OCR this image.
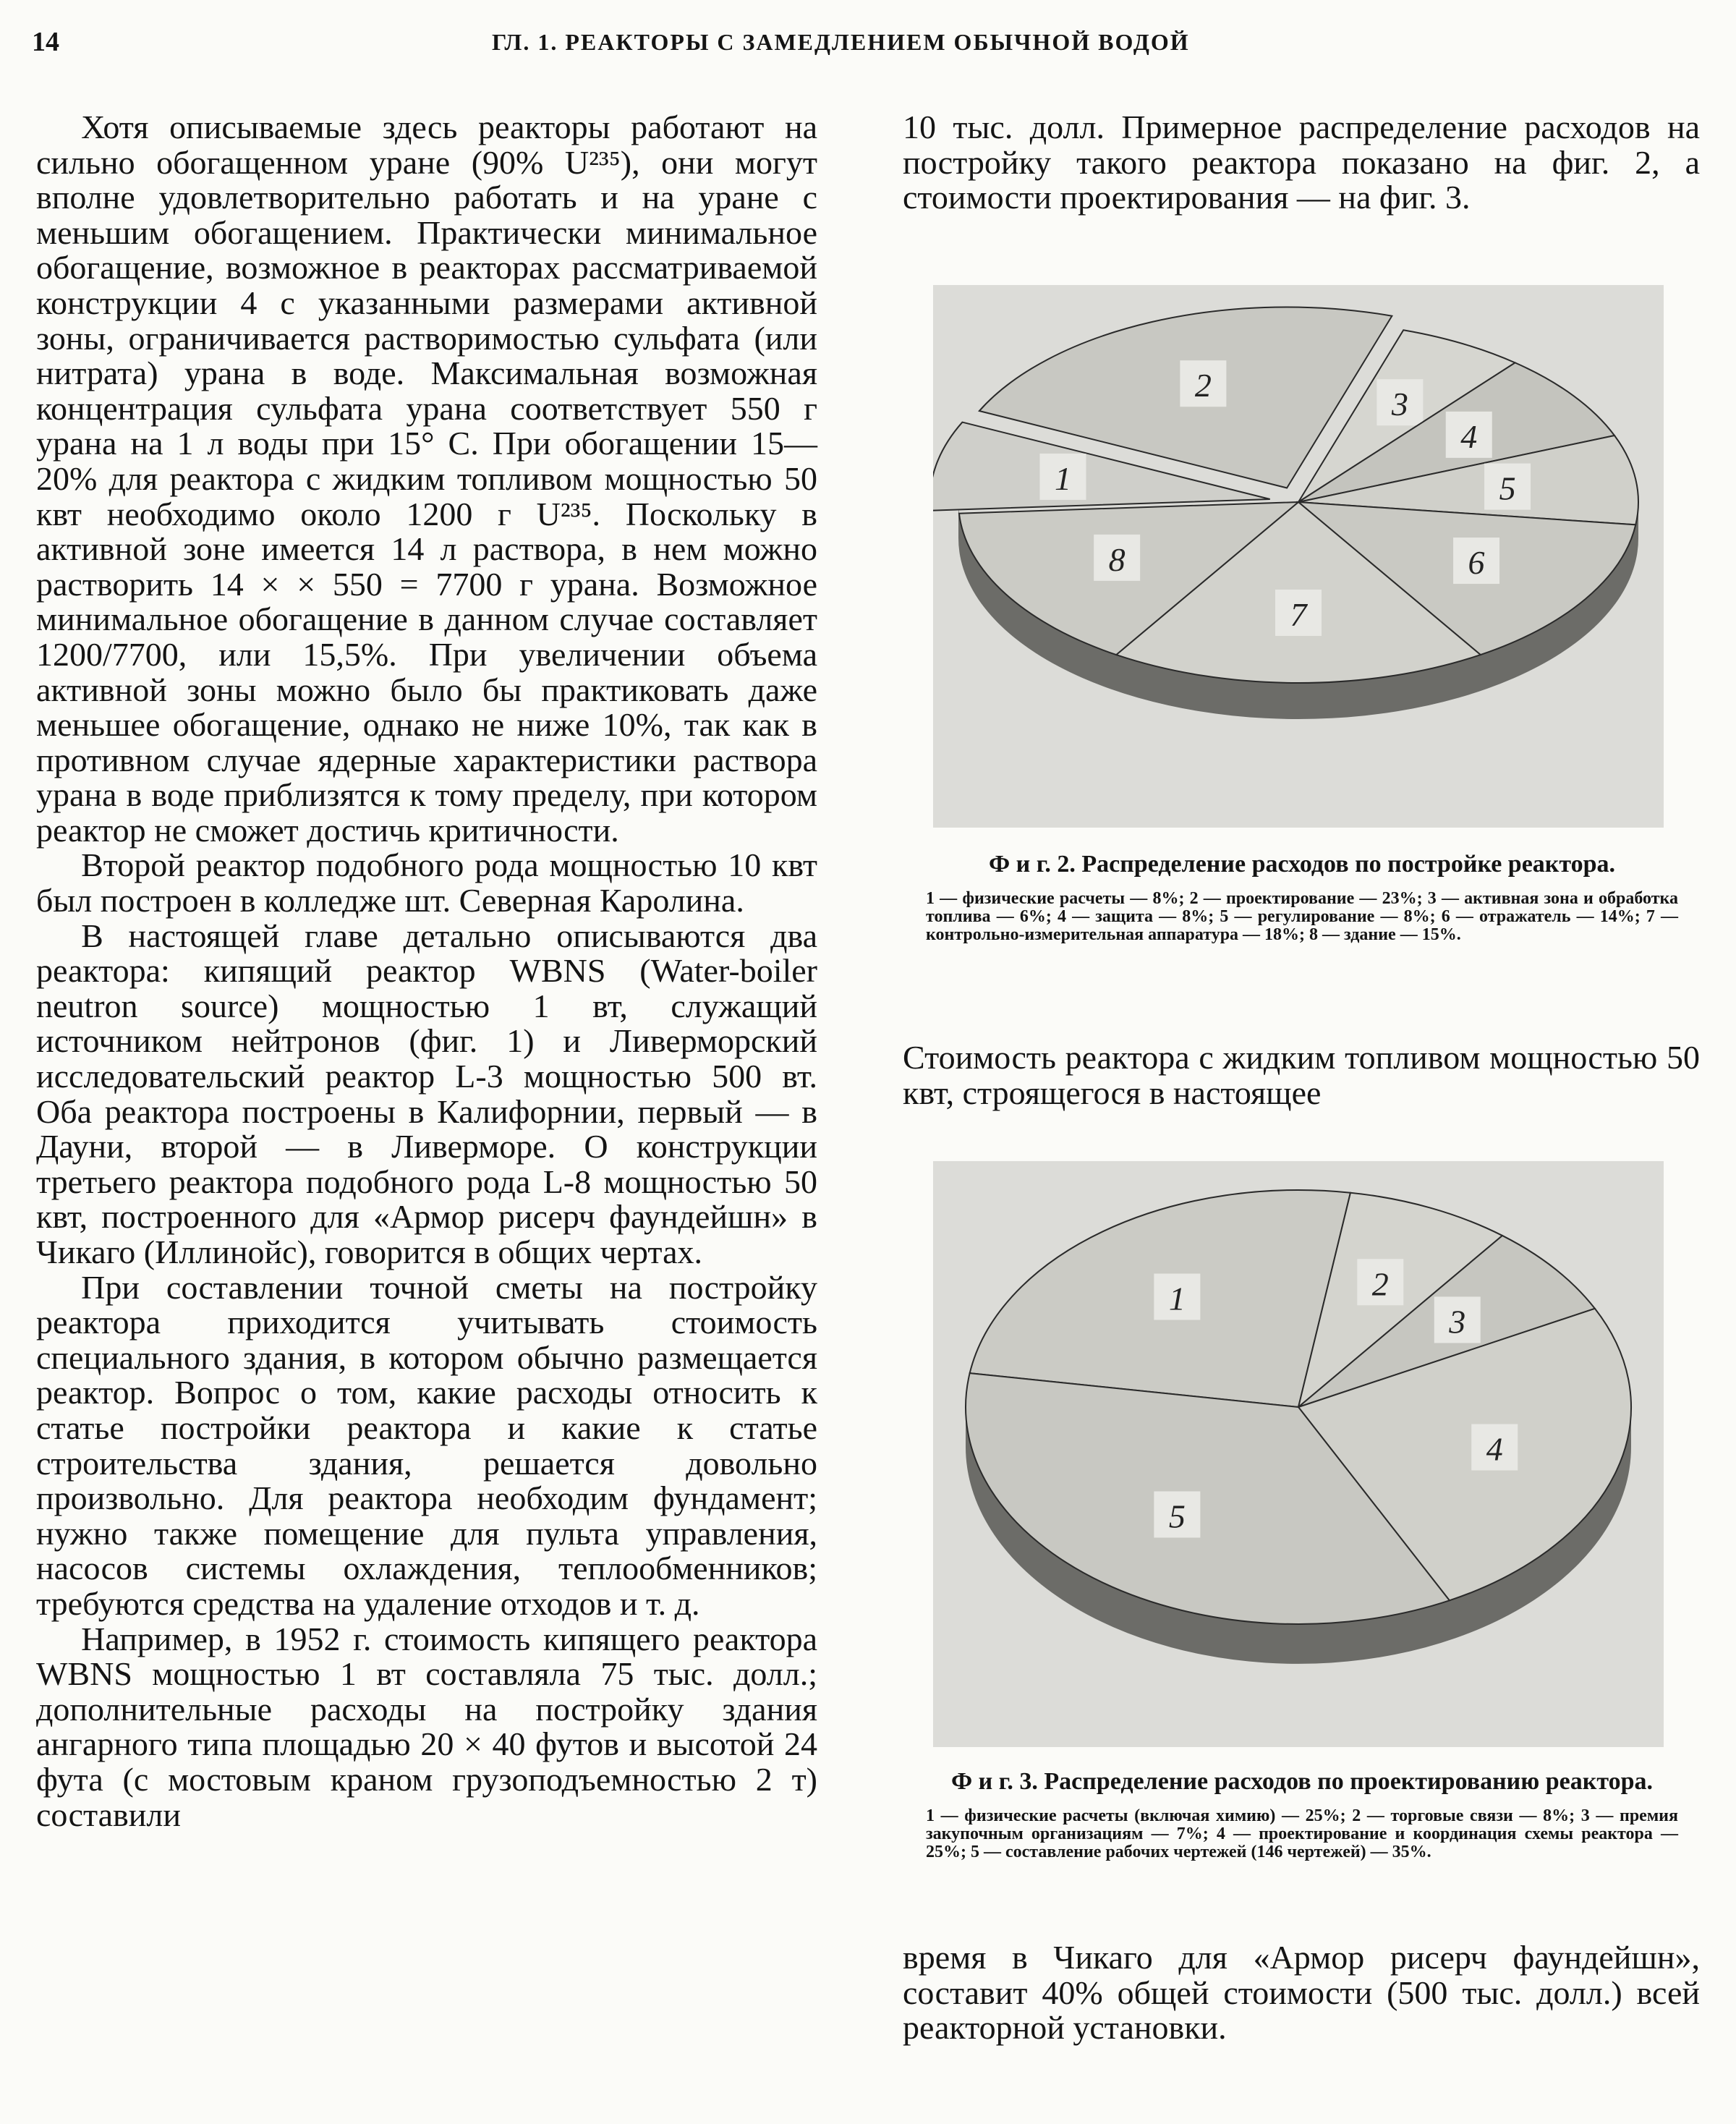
14	ГЛ. 1. РЕАКТОРЫ С ЗАМЕДЛЕНИЕМ ОБЫЧНОЙ ВОДОЙ

Хотя описываемые здесь реакторы работают на сильно обогащенном уране (90% U²³⁵), они могут вполне удовлетворительно работать и на уране с меньшим обогащением. Практически минимальное обогащение, возможное в реакторах рассматриваемой конструкции 4 с указанными размерами активной зоны, ограничивается растворимостью сульфата (или нитрата) урана в воде. Максимальная возможная концентрация сульфата урана соответствует 550 г урана на 1 л воды при 15° С. При обогащении 15—20% для реактора с жидким топливом мощностью 50 квт необходимо около 1200 г U²³⁵. Поскольку в активной зоне имеется 14 л раствора, в нем можно растворить 14 × × 550 = 7700 г урана. Возможное минимальное обогащение в данном случае составляет 1200/7700, или 15,5%. При увеличении объема активной зоны можно было бы практиковать даже меньшее обогащение, однако не ниже 10%, так как в противном случае ядерные характеристики раствора урана в воде приблизятся к тому пределу, при котором реактор не сможет достичь критичности.

Второй реактор подобного рода мощностью 10 квт был построен в колледже шт. Северная Каролина.

В настоящей главе детально описываются два реактора: кипящий реактор WBNS (Water-boiler neutron source) мощностью 1 вт, служащий источником нейтронов (фиг. 1) и Ливерморский исследовательский реактор L-3 мощностью 500 вт. Оба реактора построены в Калифорнии, первый — в Дауни, второй — в Ливерморе. О конструкции третьего реактора подобного рода L-8 мощностью 50 квт, построенного для «Армор рисерч фаундейшн» в Чикаго (Иллинойс), говорится в общих чертах.

При составлении точной сметы на постройку реактора приходится учитывать стоимость специального здания, в котором обычно размещается реактор. Вопрос о том, какие расходы относить к статье постройки реактора и какие к статье строительства здания, решается довольно произвольно. Для реактора необходим фундамент; нужно также помещение для пульта управления, насосов системы охлаждения, теплообменников; требуются средства на удаление отходов и т. д.

Например, в 1952 г. стоимость кипящего реактора WBNS мощностью 1 вт составляла 75 тыс. долл.; дополнительные расходы на постройку здания ангарного типа площадью 20 × 40 футов и высотой 24 фута (с мостовым краном грузоподъемностью 2 т) составили

10 тыс. долл. Примерное распределение расходов на постройку такого реактора показано на фиг. 2, а стоимости проектирования — на фиг. 3.

1
2
3
4
5
6
7
8
Ф и г. 2. Распределение расходов по постройке реактора.
1 — физические расчеты — 8%; 2 — проектирование — 23%; 3 — активная зона и обработка топлива — 6%; 4 — защита — 8%; 5 — регулирование — 8%; 6 — отражатель — 14%; 7 — контрольно-измерительная аппаратура — 18%; 8 — здание — 15%.

Стоимость реактора с жидким топливом мощностью 50 квт, строящегося в настоящее

1	2
3
4
5
Ф и г. 3. Распределение расходов по проектированию реактора.
1 — физические расчеты (включая химию) — 25%; 2 — торговые связи — 8%; 3 — премия закупочным организациям — 7%; 4 — проектирование и координация схемы реактора — 25%; 5 — составление рабочих чертежей (146 чертежей) — 35%.

время в Чикаго для «Армор рисерч фаундейшн», составит 40% общей стоимости (500 тыс. долл.) всей реакторной установки.
